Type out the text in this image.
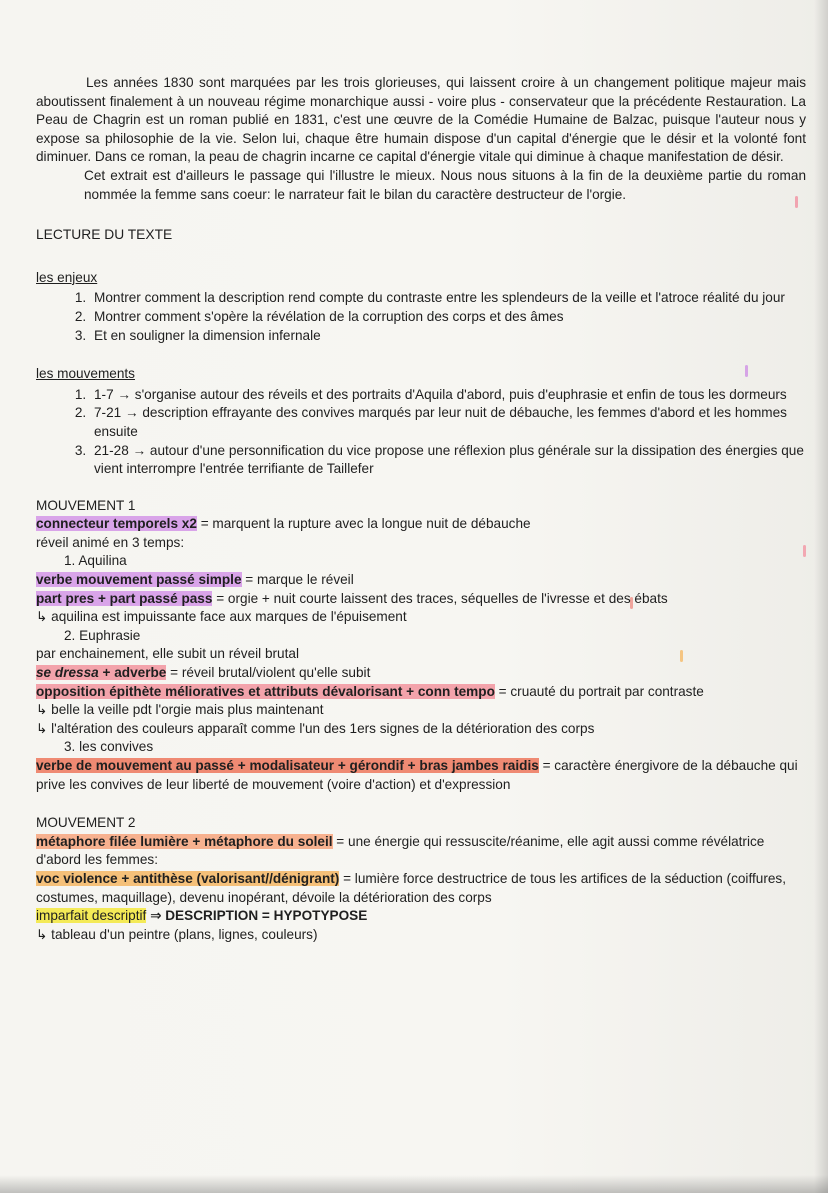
Les années 1830 sont marquées par les trois glorieuses, qui laissent croire à un changement politique majeur mais aboutissent finalement à un nouveau régime monarchique aussi - voire plus - conservateur que la précédente Restauration. La Peau de Chagrin est un roman publié en 1831, c'est une œuvre de la Comédie Humaine de Balzac, puisque l'auteur nous y expose sa philosophie de la vie. Selon lui, chaque être humain dispose d'un capital d'énergie que le désir et la volonté font diminuer. Dans ce roman, la peau de chagrin incarne ce capital d'énergie vitale qui diminue à chaque manifestation de désir.

Cet extrait est d'ailleurs le passage qui l'illustre le mieux. Nous nous situons à la fin de la deuxième partie du roman nommée la femme sans coeur: le narrateur fait le bilan du caractère destructeur de l'orgie.

LECTURE DU TEXTE

les enjeux

1. Montrer comment la description rend compte du contraste entre les splendeurs de la veille et l'atroce réalité du jour
2. Montrer comment s'opère la révélation de la corruption des corps et des âmes
3. Et en souligner la dimension infernale

les mouvements

1. 1-7 → s'organise autour des réveils et des portraits d'Aquila d'abord, puis d'euphrasie et enfin de tous les dormeurs
2. 7-21 → description effrayante des convives marqués par leur nuit de débauche, les femmes d'abord et les hommes ensuite
3. 21-28 → autour d'une personnification du vice propose une réflexion plus générale sur la dissipation des énergies que vient interrompre l'entrée terrifiante de Taillefer

MOUVEMENT 1

connecteur temporels x2 = marquent la rupture avec la longue nuit de débauche

réveil animé en 3 temps:

1. Aquilina

verbe mouvement passé simple = marque le réveil

part pres + part passé pass = orgie + nuit courte laissent des traces, séquelles de l'ivresse et des ébats

↳ aquilina est impuissante face aux marques de l'épuisement

2. Euphrasie

par enchainement, elle subit un réveil brutal

se dressa + adverbe = réveil brutal/violent qu'elle subit

opposition épithète mélioratives et attributs dévalorisant + conn tempo = cruauté du portrait par contraste

↳ belle la veille pdt l'orgie mais plus maintenant

↳ l'altération des couleurs apparaît comme l'un des 1ers signes de la détérioration des corps

3. les convives

verbe de mouvement au passé + modalisateur + gérondif + bras jambes raidis = caractère énergivore de la débauche qui prive les convives de leur liberté de mouvement (voire d'action) et d'expression

MOUVEMENT 2

métaphore filée lumière + métaphore du soleil = une énergie qui ressuscite/réanime, elle agit aussi comme révélatrice

d'abord les femmes:

voc violence + antithèse (valorisant//dénigrant) = lumière force destructrice de tous les artifices de la séduction (coiffures, costumes, maquillage), devenu inopérant, dévoile la détérioration des corps

imparfait descriptif ⇒ DESCRIPTION = HYPOTYPOSE

↳ tableau d'un peintre (plans, lignes, couleurs)
